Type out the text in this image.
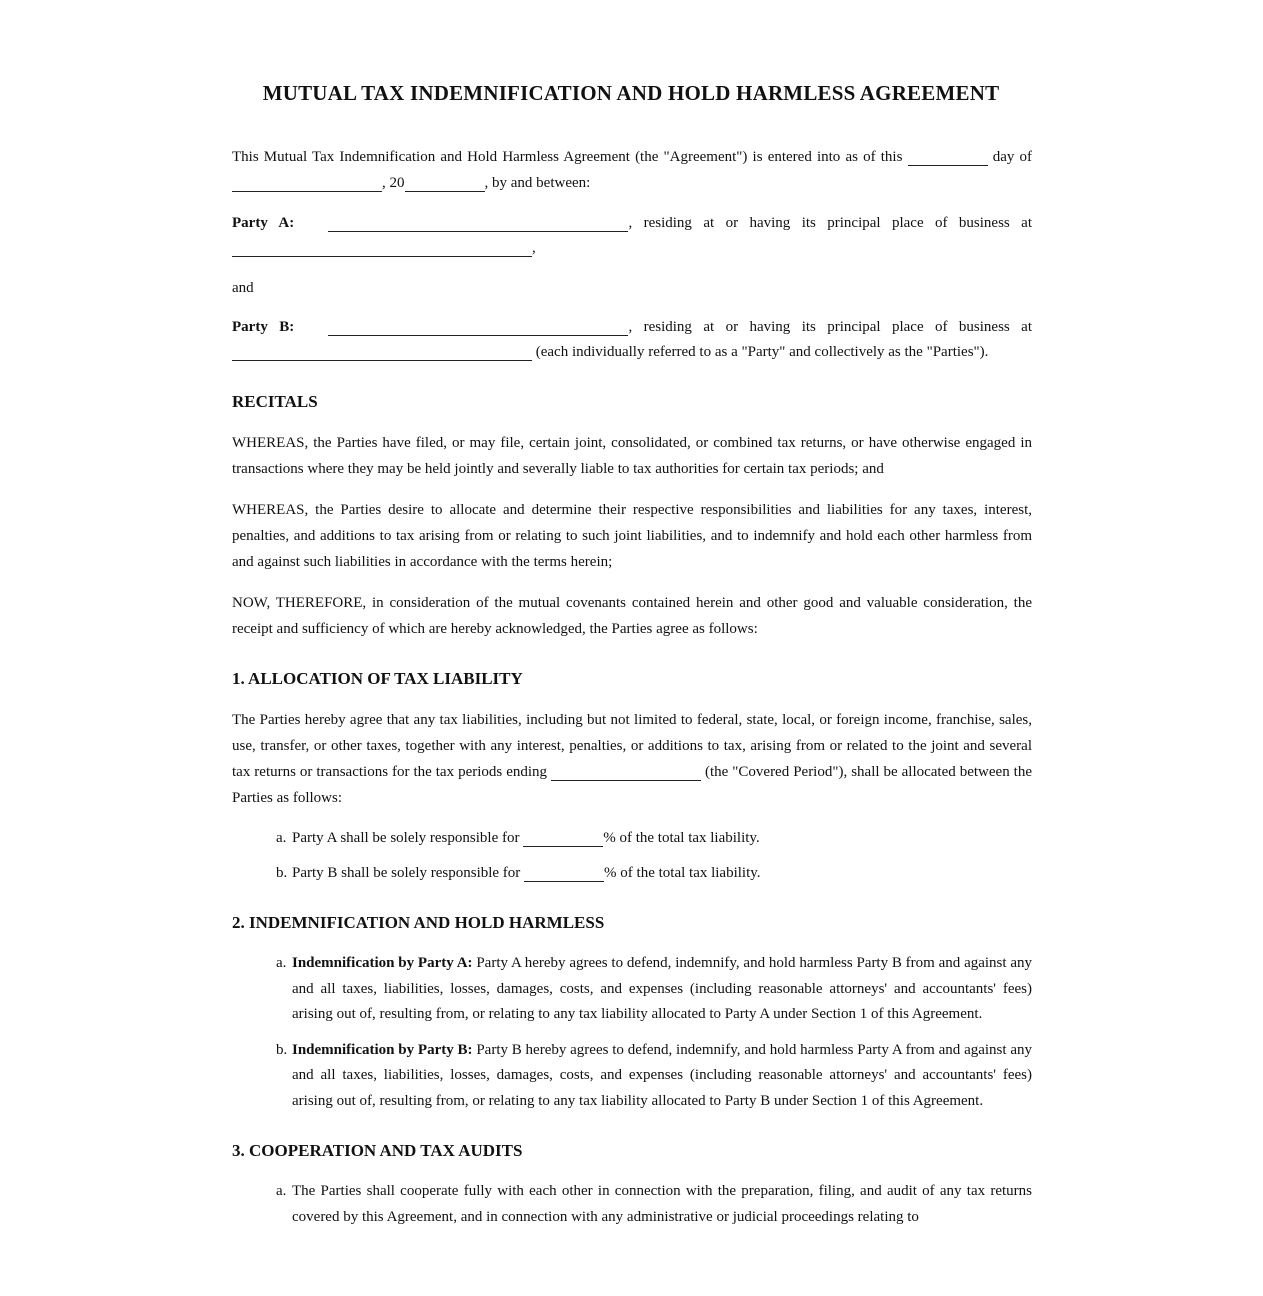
MUTUAL TAX INDEMNIFICATION AND HOLD HARMLESS AGREEMENT

This Mutual Tax Indemnification and Hold Harmless Agreement (the "Agreement") is entered into as of this	day of , 20	, by and between:

Party A:	, residing at or having its principal place of business at ,

and

Party B:	, residing at or having its principal place of business at  (each individually referred to as a "Party" and collectively as the "Parties").

RECITALS

WHEREAS, the Parties have filed, or may file, certain joint, consolidated, or combined tax returns, or have otherwise engaged in transactions where they may be held jointly and severally liable to tax authorities for certain tax periods; and

WHEREAS, the Parties desire to allocate and determine their respective responsibilities and liabilities for any taxes, interest, penalties, and additions to tax arising from or relating to such joint liabilities, and to indemnify and hold each other harmless from and against such liabilities in accordance with the terms herein;

NOW, THEREFORE, in consideration of the mutual covenants contained herein and other good and valuable consideration, the receipt and sufficiency of which are hereby acknowledged, the Parties agree as follows:

1. ALLOCATION OF TAX LIABILITY

The Parties hereby agree that any tax liabilities, including but not limited to federal, state, local, or foreign income, franchise, sales, use, transfer, or other taxes, together with any interest, penalties, or additions to tax, arising from or related to the joint and several tax returns or transactions for the tax periods ending	(the "Covered Period"), shall be allocated between the Parties as follows:

a. Party A shall be solely responsible for	% of the total tax liability.
b. Party B shall be solely responsible for	% of the total tax liability.
2. INDEMNIFICATION AND HOLD HARMLESS
a. Indemnification by Party A: Party A hereby agrees to defend, indemnify, and hold harmless Party B from and against any and all taxes, liabilities, losses, damages, costs, and expenses (including reasonable attorneys' and accountants' fees) arising out of, resulting from, or relating to any tax liability allocated to Party A under Section 1 of this Agreement.
b. Indemnification by Party B: Party B hereby agrees to defend, indemnify, and hold harmless Party A from and against any and all taxes, liabilities, losses, damages, costs, and expenses (including reasonable attorneys' and accountants' fees) arising out of, resulting from, or relating to any tax liability allocated to Party B under Section 1 of this Agreement.
3. COOPERATION AND TAX AUDITS
a. The Parties shall cooperate fully with each other in connection with the preparation, filing, and audit of any tax returns covered by this Agreement, and in connection with any administrative or judicial proceedings relating to
